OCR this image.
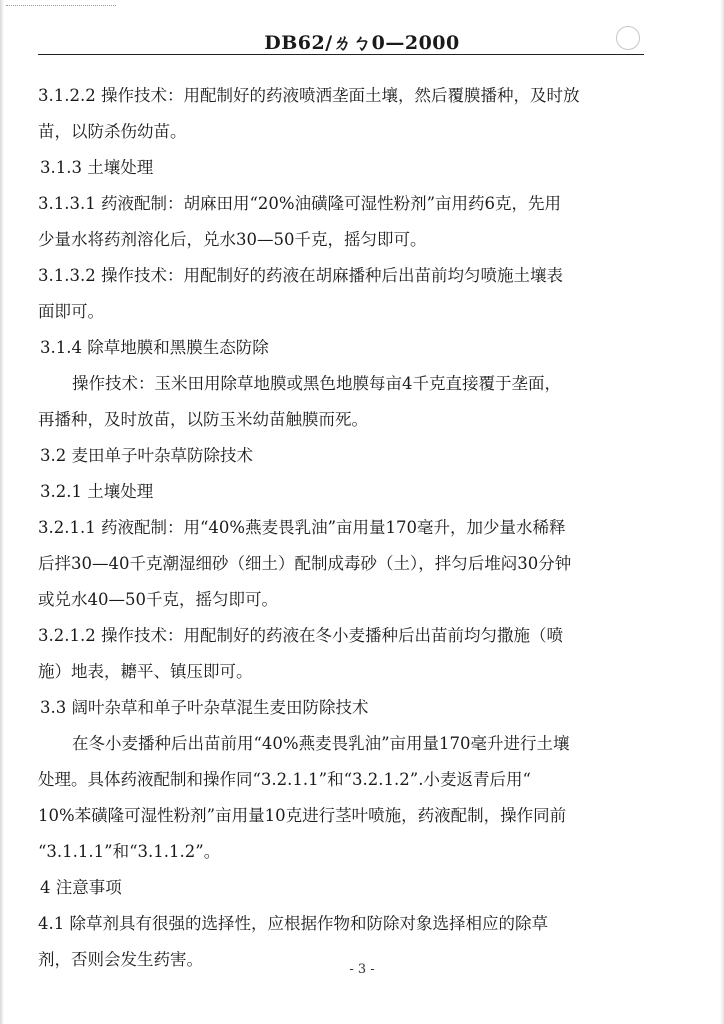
DB62/ㄌㄅ0—2000
3.1.2.2 操作技术：用配制好的药液喷洒垄面土壤，然后覆膜播种，及时放
苗，以防杀伤幼苗。
3.1.3 土壤处理
3.1.3.1 药液配制：胡麻田用“20%油磺隆可湿性粉剂”亩用药6克，先用
少量水将药剂溶化后，兑水30—50千克，摇匀即可。
3.1.3.2 操作技术：用配制好的药液在胡麻播种后出苗前均匀喷施土壤表
面即可。
3.1.4 除草地膜和黑膜生态防除
操作技术：玉米田用除草地膜或黑色地膜每亩4千克直接覆于垄面，
再播种，及时放苗，以防玉米幼苗触膜而死。
3.2 麦田单子叶杂草防除技术
3.2.1 土壤处理
3.2.1.1 药液配制：用“40%燕麦畏乳油”亩用量170毫升，加少量水稀释
后拌30—40千克潮湿细砂（细土）配制成毒砂（土），拌匀后堆闷30分钟
或兑水40—50千克，摇匀即可。
3.2.1.2 操作技术：用配制好的药液在冬小麦播种后出苗前均匀撒施（喷
施）地表，耱平、镇压即可。
3.3 阔叶杂草和单子叶杂草混生麦田防除技术
在冬小麦播种后出苗前用“40%燕麦畏乳油”亩用量170毫升进行土壤
处理。具体药液配制和操作同“3.2.1.1”和“3.2.1.2”.小麦返青后用“
10%苯磺隆可湿性粉剂”亩用量10克进行茎叶喷施，药液配制，操作同前
“3.1.1.1”和“3.1.1.2”。
4 注意事项
4.1 除草剂具有很强的选择性，应根据作物和防除对象选择相应的除草
剂，否则会发生药害。
- 3 -
